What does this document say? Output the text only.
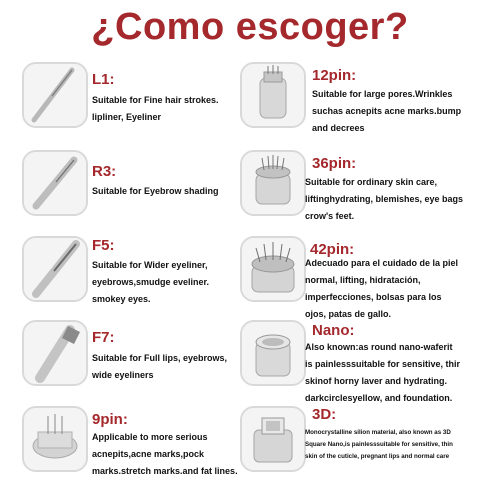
¿Como escoger?
L1:
Suitable for Fine hair strokes.
lipliner, Eyeliner
R3:
Suitable for Eyebrow shading
F5:
Suitable for Wider eyeliner,
eyebrows,smudge eveliner.
smokey eyes.
F7:
Suitable for Full lips, eyebrows,
wide eyeliners
9pin:
Applicable to more serious
acnepits,acne marks,pock
marks.stretch marks.and fat lines.
12pin:
Suitable for large pores.Wrinkles
suchas acnepits acne marks.bump
and decrees
36pin:
Suitable for ordinary skin care,
liftinghydrating, blemishes, eye bags
crow's feet.
42pin:
Adecuado para el cuidado de la piel
normal, lifting, hidratación,
imperfecciones, bolsas para los
ojos, patas de gallo.
Nano:
Also known:as round nano-waferit
is painlesssuitable for sensitive, thir
skinof horny laver and hydrating.
darkcirclesyellow, and foundation.
3D:
Monocrystalline silion material, also known as 3D
Square Nano,is painlesssuitable for sensitive, thin
skin of the cuticle, pregnant lips and normal care
